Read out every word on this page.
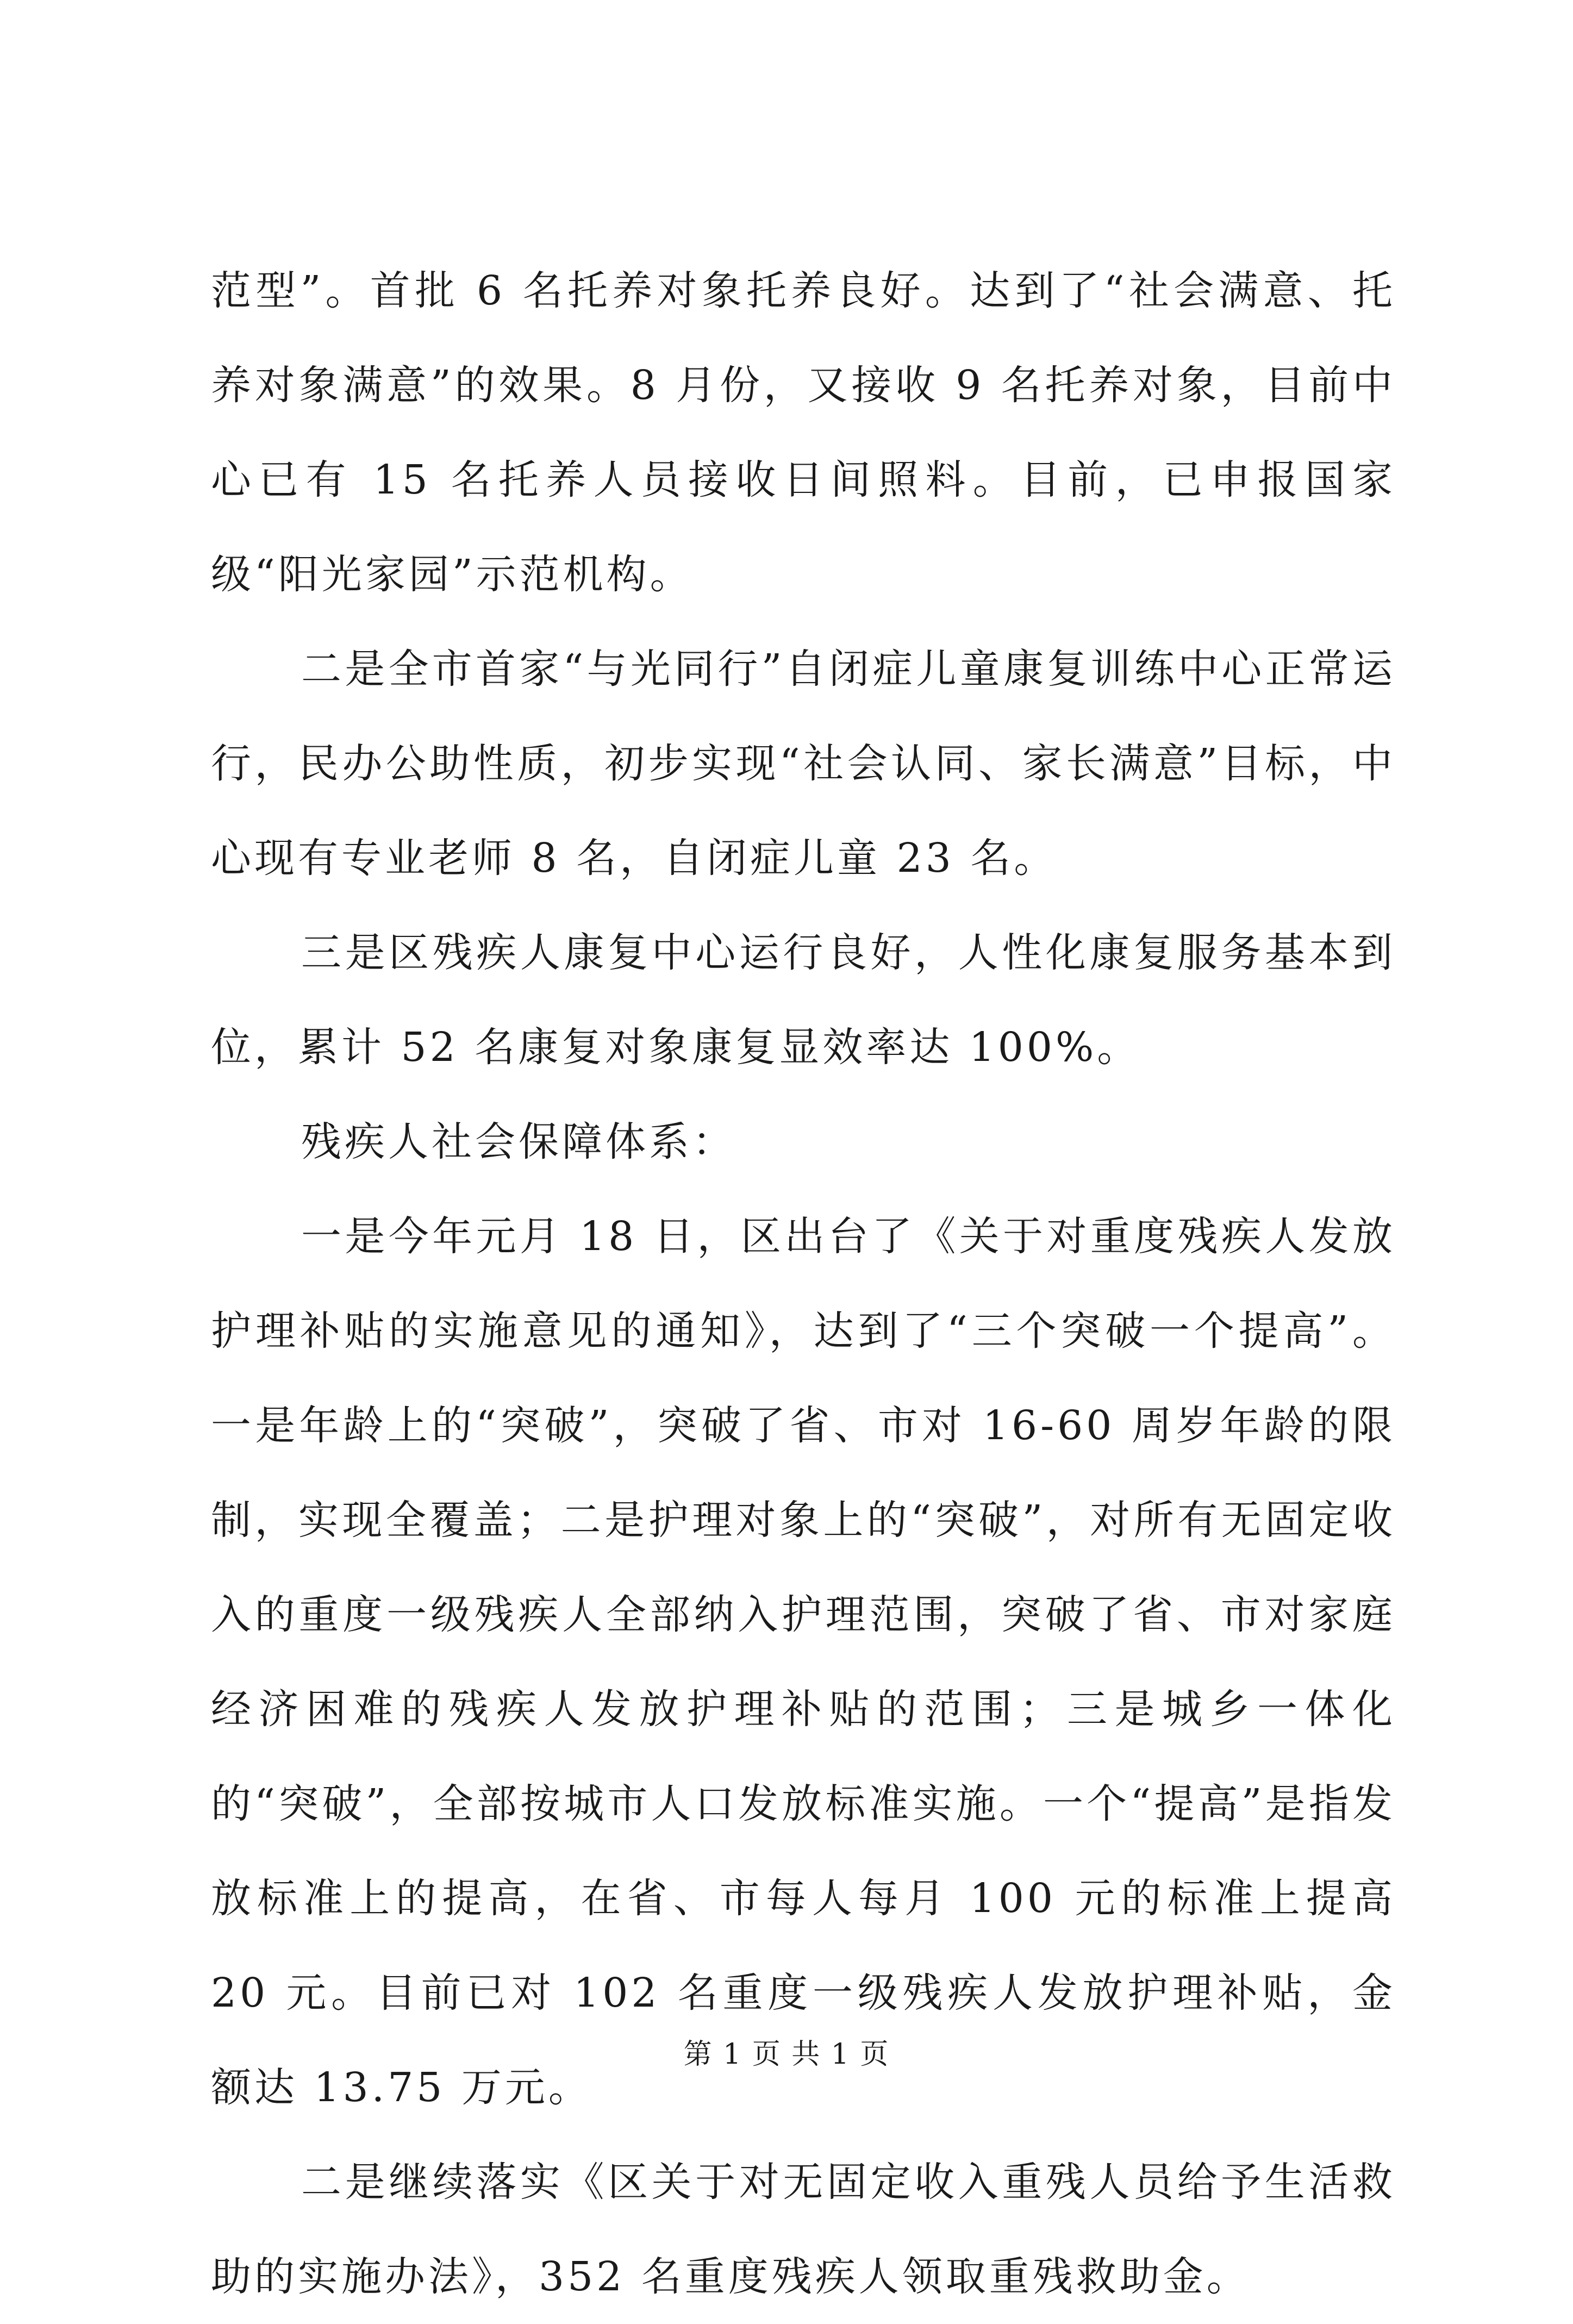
范型”。首批 6 名托养对象托养良好。达到了“社会满意、托养对象满意”的效果。8 月份，又接收 9 名托养对象，目前中心已有 15 名托养人员接收日间照料。目前，已申报国家级“阳光家园”示范机构。

二是全市首家“与光同行”自闭症儿童康复训练中心正常运行，民办公助性质，初步实现“社会认同、家长满意”目标，中心现有专业老师 8 名，自闭症儿童 23 名。

三是区残疾人康复中心运行良好，人性化康复服务基本到位，累计 52 名康复对象康复显效率达 100%。

残疾人社会保障体系：

一是今年元月 18 日，区出台了《关于对重度残疾人发放护理补贴的实施意见的通知》，达到了“三个突破一个提高”。一是年龄上的“突破”，突破了省、市对 16-60 周岁年龄的限制，实现全覆盖；二是护理对象上的“突破”，对所有无固定收入的重度一级残疾人全部纳入护理范围，突破了省、市对家庭经济困难的残疾人发放护理补贴的范围；三是城乡一体化的“突破”，全部按城市人口发放标准实施。一个“提高”是指发放标准上的提高，在省、市每人每月 100 元的标准上提高 20 元。目前已对 102 名重度一级残疾人发放护理补贴，金额达 13.75 万元。

二是继续落实《区关于对无固定收入重残人员给予生活救助的实施办法》，352 名重度残疾人领取重残救助金。

第 1 页 共 1 页
